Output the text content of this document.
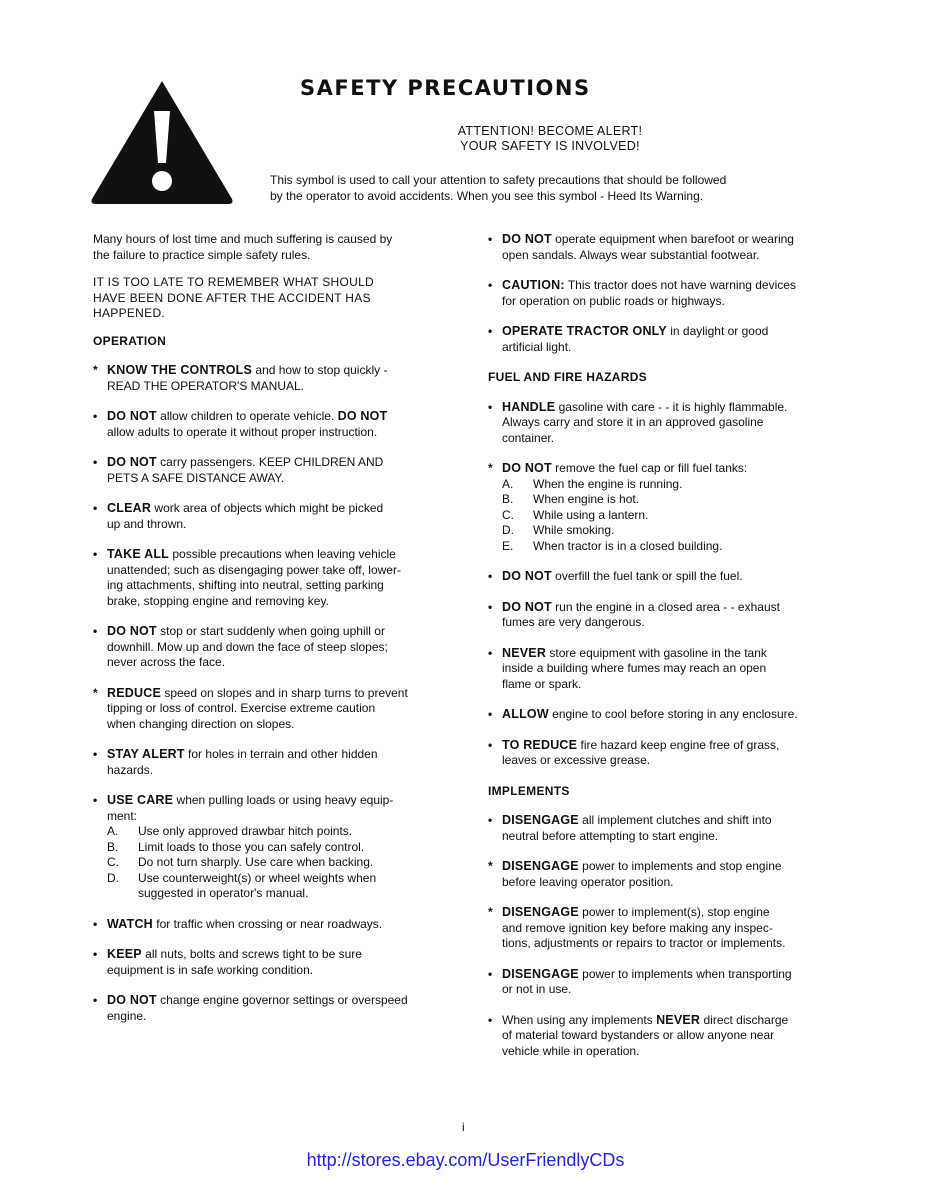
SAFETY PRECAUTIONS
ATTENTION! BECOME ALERT!
YOUR SAFETY IS INVOLVED!
This symbol is used to call your attention to safety precautions that should be followed
by the operator to avoid accidents. When you see this symbol - Heed Its Warning.
Many hours of lost time and much suffering is caused by
the failure to practice simple safety rules.
IT IS TOO LATE TO REMEMBER WHAT SHOULD
HAVE BEEN DONE AFTER THE ACCIDENT HAS
HAPPENED.
OPERATION
* KNOW THE CONTROLS and how to stop quickly -
READ THE OPERATOR'S MANUAL.
• DO NOT allow children to operate vehicle. DO NOT
allow adults to operate it without proper instruction.
• DO NOT carry passengers. KEEP CHILDREN AND
PETS A SAFE DISTANCE AWAY.
• CLEAR work area of objects which might be picked
up and thrown.
• TAKE ALL possible precautions when leaving vehicle
unattended; such as disengaging power take off, lower-
ing attachments, shifting into neutral, setting parking
brake, stopping engine and removing key.
• DO NOT stop or start suddenly when going uphill or
downhill. Mow up and down the face of steep slopes;
never across the face.
* REDUCE speed on slopes and in sharp turns to prevent
tipping or loss of control. Exercise extreme caution
when changing direction on slopes.
• STAY ALERT for holes in terrain and other hidden
hazards.
• USE CARE when pulling loads or using heavy equip-
ment:
A. Use only approved drawbar hitch points.
B. Limit loads to those you can safely control.
C. Do not turn sharply. Use care when backing.
D. Use counterweight(s) or wheel weights when
suggested in operator's manual.
• WATCH for traffic when crossing or near roadways.
• KEEP all nuts, bolts and screws tight to be sure
equipment is in safe working condition.
• DO NOT change engine governor settings or overspeed
engine.
• DO NOT operate equipment when barefoot or wearing
open sandals. Always wear substantial footwear.
• CAUTION: This tractor does not have warning devices
for operation on public roads or highways.
• OPERATE TRACTOR ONLY in daylight or good
artificial light.
FUEL AND FIRE HAZARDS
• HANDLE gasoline with care - - it is highly flammable.
Always carry and store it in an approved gasoline
container.
* DO NOT remove the fuel cap or fill fuel tanks:
A. When the engine is running.
B. When engine is hot.
C. While using a lantern.
D. While smoking.
E. When tractor is in a closed building.
• DO NOT overfill the fuel tank or spill the fuel.
• DO NOT run the engine in a closed area - - exhaust
fumes are very dangerous.
• NEVER store equipment with gasoline in the tank
inside a building where fumes may reach an open
flame or spark.
• ALLOW engine to cool before storing in any enclosure.
• TO REDUCE fire hazard keep engine free of grass,
leaves or excessive grease.
IMPLEMENTS
• DISENGAGE all implement clutches and shift into
neutral before attempting to start engine.
* DISENGAGE power to implements and stop engine
before leaving operator position.
* DISENGAGE power to implement(s), stop engine
and remove ignition key before making any inspec-
tions, adjustments or repairs to tractor or implements.
• DISENGAGE power to implements when transporting
or not in use.
• When using any implements NEVER direct discharge
of material toward bystanders or allow anyone near
vehicle while in operation.
i
http://stores.ebay.com/UserFriendlyCDs
